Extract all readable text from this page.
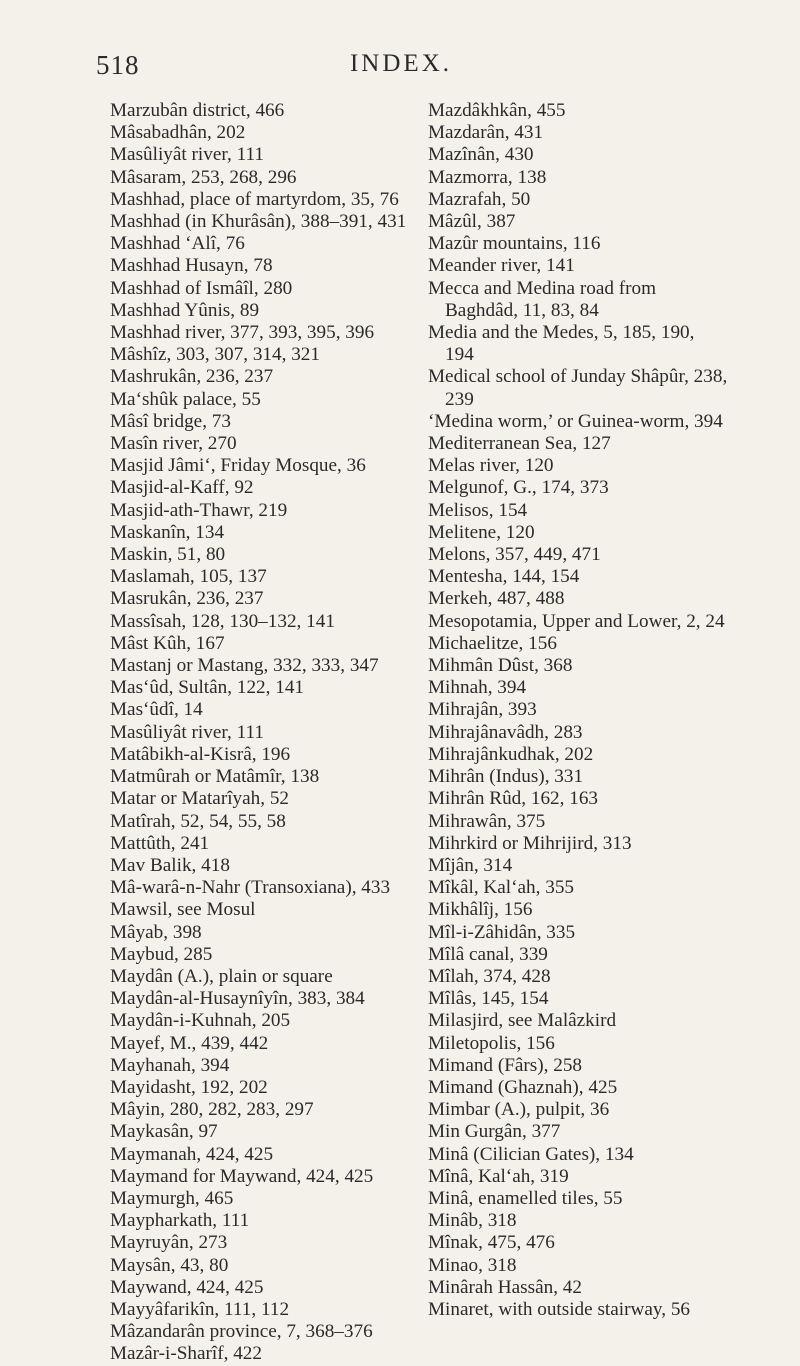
518	INDEX.
Marzubân district, 466
Mâsabadhân, 202
Masûliyât river, 111
Mâsaram, 253, 268, 296
Mashhad, place of martyrdom, 35, 76
Mashhad (in Khurâsân), 388–391, 431
Mashhad ‘Alî, 76
Mashhad Husayn, 78
Mashhad of Ismâîl, 280
Mashhad Yûnis, 89
Mashhad river, 377, 393, 395, 396
Mâshîz, 303, 307, 314, 321
Mashrukân, 236, 237
Ma‘shûk palace, 55
Mâsî bridge, 73
Masîn river, 270
Masjid Jâmi‘, Friday Mosque, 36
Masjid-al-Kaff, 92
Masjid-ath-Thawr, 219
Maskanîn, 134
Maskin, 51, 80
Maslamah, 105, 137
Masrukân, 236, 237
Massîsah, 128, 130–132, 141
Mâst Kûh, 167
Mastanj or Mastang, 332, 333, 347
Mas‘ûd, Sultân, 122, 141
Mas‘ûdî, 14
Masûliyât river, 111
Matâbikh-al-Kisrâ, 196
Matmûrah or Matâmîr, 138
Matar or Matarîyah, 52
Matîrah, 52, 54, 55, 58
Mattûth, 241
Mav Balik, 418
Mâ-warâ-n-Nahr (Transoxiana), 433
Mawsil, see Mosul
Mâyab, 398
Maybud, 285
Maydân (A.), plain or square
Maydân-al-Husaynîyîn, 383, 384
Maydân-i-Kuhnah, 205
Mayef, M., 439, 442
Mayhanah, 394
Mayidasht, 192, 202
Mâyin, 280, 282, 283, 297
Maykasân, 97
Maymanah, 424, 425
Maymand for Maywand, 424, 425
Maymurgh, 465
Maypharkath, 111
Mayruyân, 273
Maysân, 43, 80
Maywand, 424, 425
Mayyâfarikîn, 111, 112
Mâzandarân province, 7, 368–376
Mazâr-i-Sharîf, 422
Mazdâkhkân, 455
Mazdarân, 431
Mazînân, 430
Mazmorra, 138
Mazrafah, 50
Mâzûl, 387
Mazûr mountains, 116
Meander river, 141
Mecca and Medina road from Baghdâd, 11, 83, 84
Media and the Medes, 5, 185, 190, 194
Medical school of Junday Shâpûr, 238, 239
‘Medina worm,’ or Guinea-worm, 394
Mediterranean Sea, 127
Melas river, 120
Melgunof, G., 174, 373
Melisos, 154
Melitene, 120
Melons, 357, 449, 471
Mentesha, 144, 154
Merkeh, 487, 488
Mesopotamia, Upper and Lower, 2, 24
Michaelitze, 156
Mihmân Dûst, 368
Mihnah, 394
Mihrajân, 393
Mihrajânavâdh, 283
Mihrajânkudhak, 202
Mihrân (Indus), 331
Mihrân Rûd, 162, 163
Mihrawân, 375
Mihrkird or Mihrijird, 313
Mîjân, 314
Mîkâl, Kal‘ah, 355
Mikhâlîj, 156
Mîl-i-Zâhidân, 335
Mîlâ canal, 339
Mîlah, 374, 428
Mîlâs, 145, 154
Milasjird, see Malâzkird
Miletopolis, 156
Mimand (Fârs), 258
Mimand (Ghaznah), 425
Mimbar (A.), pulpit, 36
Min Gurgân, 377
Minâ (Cilician Gates), 134
Mînâ, Kal‘ah, 319
Minâ, enamelled tiles, 55
Minâb, 318
Mînak, 475, 476
Minao, 318
Minârah Hassân, 42
Minaret, with outside stairway, 56
